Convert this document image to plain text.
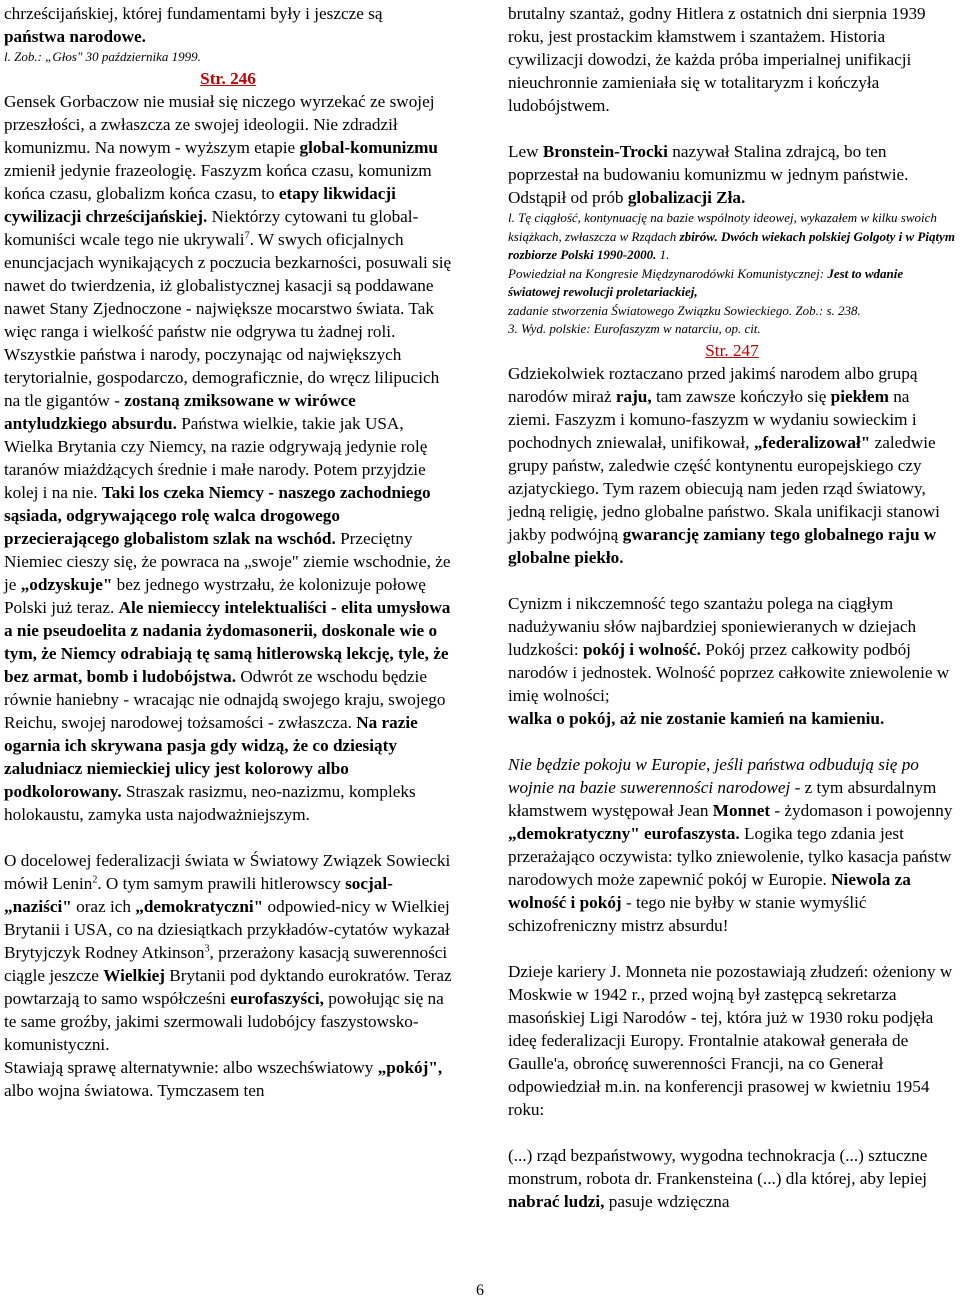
chrześcijańskiej, której fundamentami były i jeszcze są
państwa narodowe.

l. Zob.: „Głos" 30 października 1999.

Str. 246

Gensek Gorbaczow nie musiał się niczego wyrzekać ze swojej przeszłości, a zwłaszcza ze swojej ideologii. Nie zdradził komunizmu. Na nowym - wyższym etapie global-komunizmu zmienił jedynie frazeologię. Faszyzm końca czasu, komunizm końca czasu, globalizm końca czasu, to etapy likwidacji cywilizacji chrześcijańskiej. Niektórzy cytowani tu global-komuniści wcale tego nie ukrywali$^7$. W swych oficjalnych enuncjacjach wynikających z poczucia bezkarności, posuwali się nawet do twierdzenia, iż globalistycznej kasacji są poddawane nawet Stany Zjednoczone - największe mocarstwo świata. Tak więc ranga i wielkość państw nie odgrywa tu żadnej roli. Wszystkie państwa i narody, poczynając od największych terytorialnie, gospodarczo, demograficznie, do wręcz lilipucich na tle gigantów - zostaną zmiksowane w wirówce antyludzkiego absurdu. Państwa wielkie, takie jak USA, Wielka Brytania czy Niemcy, na razie odgrywają jedynie rolę taranów miażdżących średnie i małe narody. Potem przyjdzie kolej i na nie. Taki los czeka Niemcy - naszego zachodniego sąsiada, odgrywającego rolę walca drogowego przecierającego globalistom szlak na wschód. Przeciętny Niemiec cieszy się, że powraca na „swoje" ziemie wschodnie, że je „odzyskuje" bez jednego wystrzału, że kolonizuje połowę Polski już teraz. Ale niemieccy intelektualiści - elita umysłowa a nie pseudoelita z nadania żydomasonerii, doskonale wie o tym, że Niemcy odrabiają tę samą hitlerowską lekcję, tyle, że bez armat, bomb i ludobójstwa. Odwrót ze wschodu będzie równie haniebny - wracając nie odnajdą swojego kraju, swojego Reichu, swojej narodowej tożsamości - zwłaszcza. Na razie ogarnia ich skrywana pasja gdy widzą, że co dziesiąty zaludniacz niemieckiej ulicy jest kolorowy albo podkolorowany. Straszak rasizmu, neo-nazizmu, kompleks holokaustu, zamyka usta najodważniejszym.

O docelowej federalizacji świata w Światowy Związek Sowiecki mówił Lenin$^2$. O tym samym prawili hitlerowscy socjal-„naziści" oraz ich „demokratyczni" odpowied-nicy w Wielkiej Brytanii i USA, co na dziesiątkach przykładów-cytatów wykazał Brytyjczyk Rodney Atkinson$^3$, przerażony kasacją suwerenności ciągle jeszcze Wielkiej Brytanii pod dyktando eurokratów. Teraz powtarzają to samo współcześni eurofaszyści, powołując się na te same groźby, jakimi szermowali ludobójcy faszystowsko-komunistyczni.

Stawiają sprawę alternatywnie: albo wszechświatowy „pokój", albo wojna światowa. Tymczasem ten

brutalny szantaż, godny Hitlera z ostatnich dni sierpnia 1939 roku, jest prostackim kłamstwem i szantażem. Historia cywilizacji dowodzi, że każda próba imperialnej unifikacji nieuchronnie zamieniała się w totalitaryzm i kończyła ludobójstwem.

Lew Bronstein-Trocki nazywał Stalina zdrajcą, bo ten poprzestał na budowaniu komunizmu w jednym państwie. Odstąpił od prób globalizacji Zła.

l. Tę ciągłość, kontynuację na bazie wspólnoty ideowej, wykazałem w kilku swoich książkach, zwłaszcza w Rządach zbirów. Dwóch wiekach polskiej Golgoty i w Piątym rozbiorze Polski 1990-2000. 1.

Powiedział na Kongresie Międzynarodówki Komunistycznej: Jest to wdanie światowej rewolucji proletariackiej,
zadanie stworzenia Światowego Związku Sowieckiego. Zob.: s. 238.

3. Wyd. polskie: Eurofaszyzm w natarciu, op. cit.

Str. 247

Gdziekolwiek roztaczano przed jakimś narodem albo grupą narodów miraż raju, tam zawsze kończyło się piekłem na ziemi. Faszyzm i komuno-faszyzm w wydaniu sowieckim i pochodnych zniewalał, unifikował, „federalizował" zaledwie grupy państw, zaledwie część kontynentu europejskiego czy azjatyckiego. Tym razem obiecują nam jeden rząd światowy, jedną religię, jedno globalne państwo. Skala unifikacji stanowi jakby podwójną gwarancję zamiany tego globalnego raju w globalne piekło.

Cynizm i nikczemność tego szantażu polega na ciągłym nadużywaniu słów najbardziej sponiewieranych w dziejach ludzkości: pokój i wolność. Pokój przez całkowity podbój narodów i jednostek. Wolność poprzez całkowite zniewolenie w imię wolności;
walka o pokój, aż nie zostanie kamień na kamieniu.

Nie będzie pokoju w Europie, jeśli państwa odbudują się po wojnie na bazie suwerenności narodowej - z tym absurdalnym kłamstwem występował Jean Monnet - żydomason i powojenny „demokratyczny" eurofaszysta. Logika tego zdania jest przerażająco oczywista: tylko zniewolenie, tylko kasacja państw narodowych może zapewnić pokój w Europie. Niewola za wolność i pokój - tego nie byłby w stanie wymyślić schizofreniczny mistrz absurdu!

Dzieje kariery J. Monneta nie pozostawiają złudzeń: ożeniony w Moskwie w 1942 r., przed wojną był zastępcą sekretarza masońskiej Ligi Narodów - tej, która już w 1930 roku podjęła ideę federalizacji Europy. Frontalnie atakował generała de Gaulle'a, obrońcę suwerenności Francji, na co Generał odpowiedział m.in. na konferencji prasowej w kwietniu 1954 roku:

(...) rząd bezpaństwowy, wygodna technokracja (...) sztuczne monstrum, robota dr. Frankensteina (...) dla której, aby lepiej nabrać ludzi, pasuje wdzięczna

6
